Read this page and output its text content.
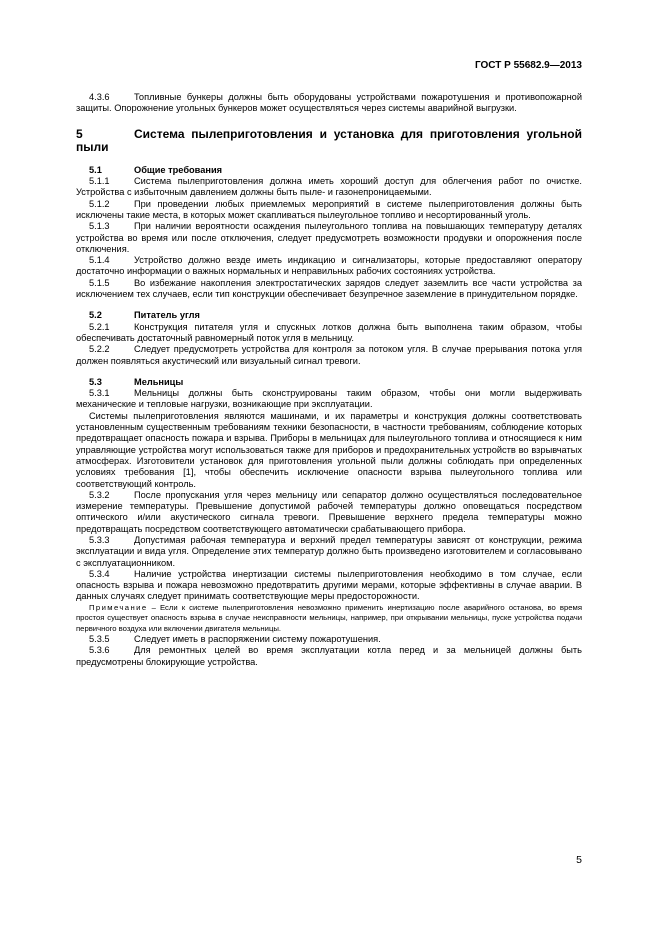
ГОСТ Р 55682.9—2013

4.3.6	Топливные бункеры должны быть оборудованы устройствами пожаротушения и противопожарной защиты. Опорожнение угольных бункеров может осуществляться через системы аварийной выгрузки.

5	Система пылеприготовления и установка для приготовления угольной пыли

5.1	Общие требования

5.1.1	Система пылеприготовления должна иметь хороший доступ для облегчения работ по очистке. Устройства с избыточным давлением должны быть пыле- и газонепроницаемыми.

5.1.2	При проведении любых приемлемых мероприятий в системе пылеприготовления должны быть исключены такие места, в которых может скапливаться пылеугольное топливо и несортированный уголь.

5.1.3	При наличии вероятности осаждения пылеугольного топлива на повышающих температуру деталях устройства во время или после отключения, следует предусмотреть возможности продувки и опорожнения после отключения.

5.1.4	Устройство должно везде иметь индикацию и сигнализаторы, которые предоставляют оператору достаточно информации о важных нормальных и неправильных рабочих состояниях устройства.

5.1.5	Во избежание накопления электростатических зарядов следует заземлить все части устройства за исключением тех случаев, если тип конструкции обеспечивает безупречное заземление в принудительном порядке.

5.2	Питатель угля

5.2.1	Конструкция питателя угля и спускных лотков должна быть выполнена таким образом, чтобы обеспечивать достаточный равномерный поток угля в мельницу.

5.2.2	Следует предусмотреть устройства для контроля за потоком угля. В случае прерывания потока угля должен появляться акустический или визуальный сигнал тревоги.

5.3	Мельницы

5.3.1	Мельницы должны быть сконструированы таким образом, чтобы они могли выдерживать механические и тепловые нагрузки, возникающие при эксплуатации.

Системы пылеприготовления являются машинами, и их параметры и конструкция должны соответствовать установленным существенным требованиям техники безопасности, в частности требованиям, соблюдение которых предотвращает опасность пожара и взрыва. Приборы в мельницах для пылеугольного топлива и относящиеся к ним управляющие устройства могут использоваться также для приборов и предохранительных устройств во взрывчатых атмосферах. Изготовители установок для приготовления угольной пыли должны соблюдать при определенных условиях требования [1], чтобы обеспечить исключение опасности взрыва пылеугольного топлива или соответствующий контроль.

5.3.2	После пропускания угля через мельницу или сепаратор должно осуществляться последовательное измерение температуры. Превышение допустимой рабочей температуры должно оповещаться посредством оптического и/или акустического сигнала тревоги. Превышение верхнего предела температуры можно предотвращать посредством соответствующего автоматически срабатывающего прибора.

5.3.3	Допустимая рабочая температура и верхний предел температуры зависят от конструкции, режима эксплуатации и вида угля. Определение этих температур должно быть произведено изготовителем и согласовывано с эксплуатационником.

5.3.4	Наличие устройства инертизации системы пылеприготовления необходимо в том случае, если опасность взрыва и пожара невозможно предотвратить другими мерами, которые эффективны в случае аварии. В данных случаях следует принимать соответствующие меры предосторожности.

Примечание – Если к системе пылеприготовления невозможно применить инертизацию после аварийного останова, во время простоя существует опасность взрыва в случае неисправности мельницы, например, при открывании мельницы, пуске устройства подачи первичного воздуха или включении двигателя мельницы.

5.3.5	Следует иметь в распоряжении систему пожаротушения.

5.3.6	Для ремонтных целей во время эксплуатации котла перед и за мельницей должны быть предусмотрены блокирующие устройства.

5
